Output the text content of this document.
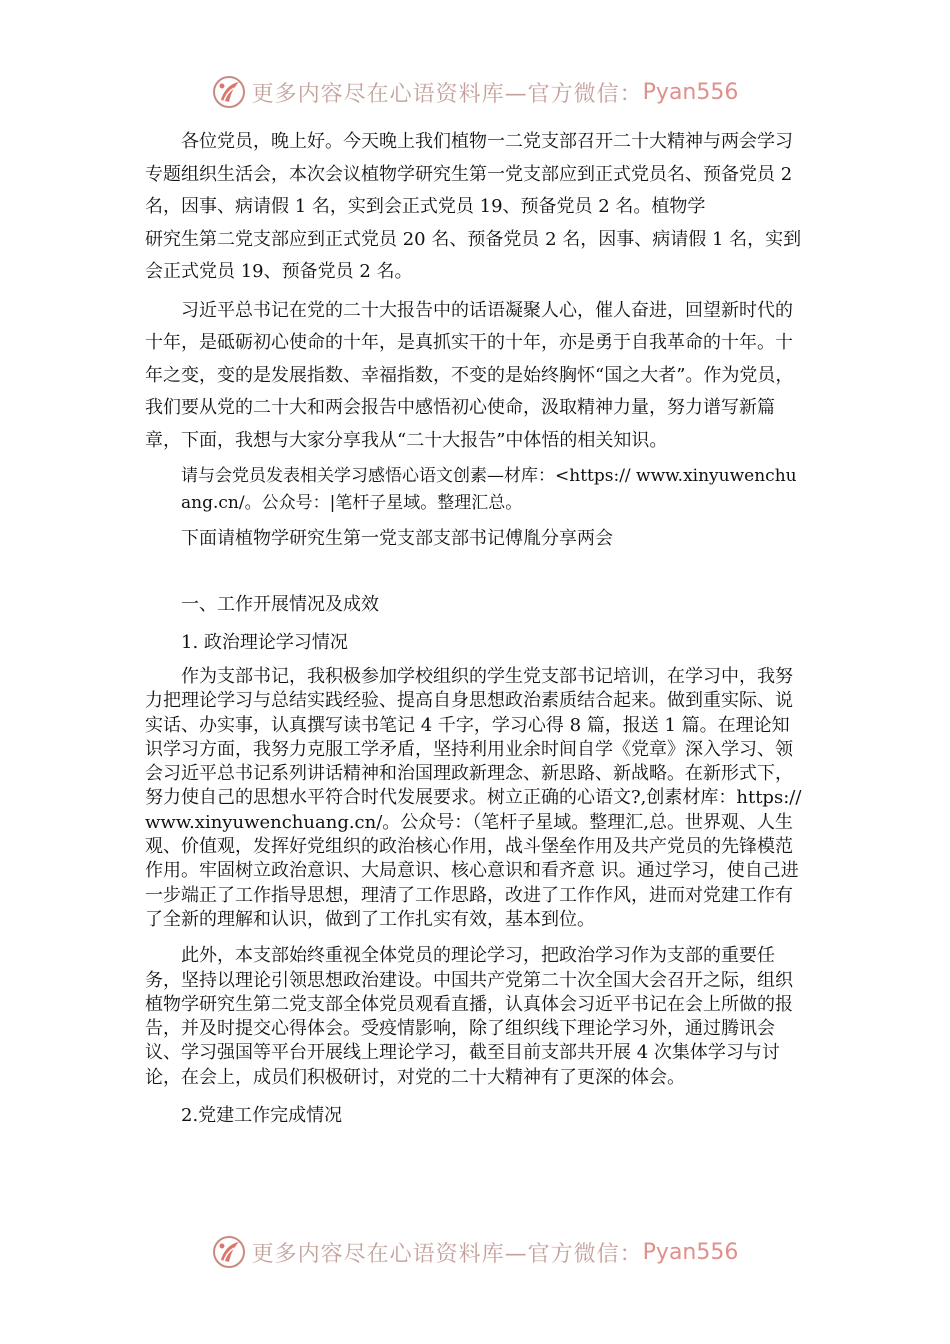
更多内容尽在心语资料库—官方微信： Pyan556

各位党员，晚上好。今天晚上我们植物一二党支部召开二十大精神与两会学习专题组织生活会，本次会议植物学研究生第一党支部应到正式党员名、预备党员 2 名，因事、病请假 1 名，实到会正式党员 19、预备党员 2 名。植物学

研究生第二党支部应到正式党员 20 名、预备党员 2 名，因事、病请假 1 名，实到会正式党员 19、预备党员 2 名。

习近平总书记在党的二十大报告中的话语凝聚人心，催人奋进，回望新时代的十年，是砥砺初心使命的十年，是真抓实干的十年，亦是勇于自我革命的十年。十年之变，变的是发展指数、幸福指数，不变的是始终胸怀“国之大者”。作为党员，我们要从党的二十大和两会报告中感悟初心使命，汲取精神力量，努力谱写新篇章，下面，我想与大家分享我从“二十大报告”中体悟的相关知识。

请与会党员发表相关学习感悟心语文创素—材库：<https:// www.xinyuwenchuang.cn/。公众号：|笔杆子星域。整理汇总。

下面请植物学研究生第一党支部支部书记傅胤分享两会

一、工作开展情况及成效

1. 政治理论学习情况

作为支部书记，我积极参加学校组织的学生党支部书记培训，在学习中，我努力把理论学习与总结实践经验、提高自身思想政治素质结合起来。做到重实际、说实话、办实事，认真撰写读书笔记 4 千字，学习心得 8 篇，报送 1 篇。在理论知识学习方面，我努力克服工学矛盾，坚持利用业余时间自学《党章》深入学习、领会习近平总书记系列讲话精神和治国理政新理念、新思路、新战略。在新形式下，努力使自己的思想水平符合时代发展要求。树立正确的心语文?,创素材库：https://www.xinyuwenchuang.cn/。公众号：（笔杆子星域。整理汇,总。世界观、人生观、价值观，发挥好党组织的政治核心作用，战斗堡垒作用及共产党员的先锋模范作用。牢固树立政治意识、大局意识、核心意识和看齐意 识。通过学习，使自己进一步端正了工作指导思想，理清了工作思路，改进了工作作风，进而对党建工作有了全新的理解和认识，做到了工作扎实有效，基本到位。

此外，本支部始终重视全体党员的理论学习，把政治学习作为支部的重要任务，坚持以理论引领思想政治建设。中国共产党第二十次全国大会召开之际，组织植物学研究生第二党支部全体党员观看直播，认真体会习近平书记在会上所做的报告，并及时提交心得体会。受疫情影响，除了组织线下理论学习外，通过腾讯会议、学习强国等平台开展线上理论学习，截至目前支部共开展 4 次集体学习与讨论，在会上，成员们积极研讨，对党的二十大精神有了更深的体会。

2.党建工作完成情况

更多内容尽在心语资料库—官方微信： Pyan556
